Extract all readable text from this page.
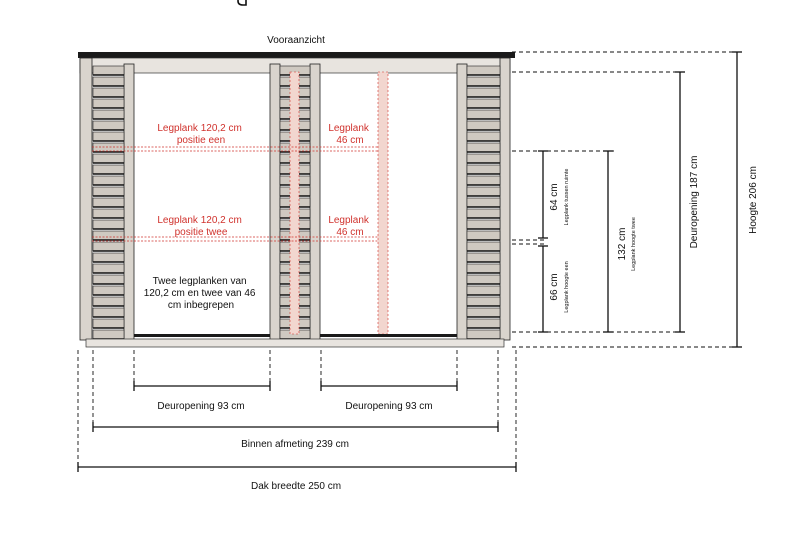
Vooraanzicht
Legplank 120,2 cm positie een
Legplank 46 cm
Legplank 120,2 cm positie twee
Legplank 46 cm
Twee legplanken van 120,2 cm en twee van 46 cm inbegrepen
64 cm Legplank tussen ruimte
66 cm Legplank hoogte een
132 cm Legplank hoogte twee	Deuropening 187 cm	Hoogte 206 cm
Deuropening 93 cm	Deuropening 93 cm
Binnen afmeting 239 cm
Dak breedte 250 cm
